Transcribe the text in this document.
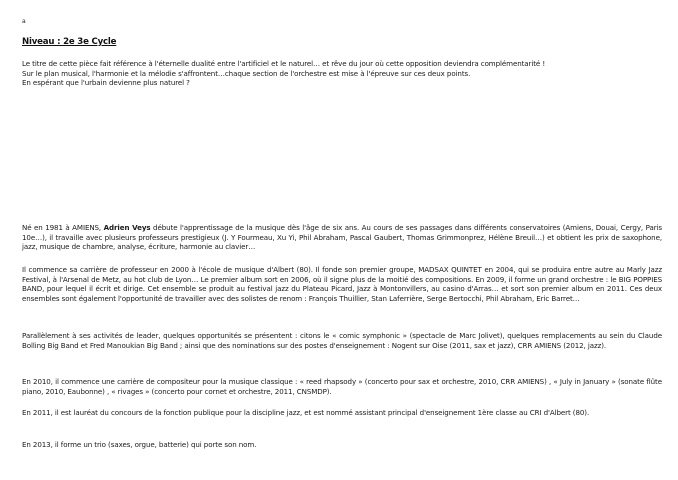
a
Niveau : 2e 3e Cycle

Le titre de cette pièce fait référence à l'éternelle dualité entre l'artificiel et le naturel… et rêve du jour où cette opposition deviendra complémentarité !

Sur le plan musical, l'harmonie et la mélodie s'affrontent…chaque section de l'orchestre est mise à l'épreuve sur ces deux points.

En espérant que l'urbain devienne plus naturel ?

Né en 1981 à AMIENS, Adrien Veys débute l'apprentissage de la musique dès l'âge de six ans. Au cours de ses passages dans différents conservatoires (Amiens, Douai, Cergy, Paris 10e…), il travaille avec plusieurs professeurs prestigieux (J. Y Fourmeau, Xu Yi, Phil Abraham, Pascal Gaubert, Thomas Grimmonprez, Hélène Breuil…) et obtient les prix de saxophone, jazz, musique de chambre, analyse, écriture, harmonie au clavier…

Il commence sa carrière de professeur en 2000 à l'école de musique d'Albert (80). Il fonde son premier groupe, MADSAX QUINTET en 2004, qui se produira entre autre au Marly Jazz Festival, à l'Arsenal de Metz, au hot club de Lyon… Le premier album sort en 2006, où il signe plus de la moitié des compositions. En 2009, il forme un grand orchestre : le BIG POPPIES BAND, pour lequel il écrit et dirige. Cet ensemble se produit au festival jazz du Plateau Picard, Jazz à Montonvillers, au casino d'Arras… et sort son premier album en 2011. Ces deux ensembles sont également l'opportunité de travailler avec des solistes de renom : François Thuillier, Stan Laferrière, Serge Bertocchi, Phil Abraham, Eric Barret…

Parallèlement à ses activités de leader, quelques opportunités se présentent : citons le « comic symphonic » (spectacle de Marc Jolivet), quelques remplacements au sein du Claude Bolling Big Band et Fred Manoukian Big Band ; ainsi que des nominations sur des postes d'enseignement : Nogent sur Oise (2011, sax et jazz), CRR AMIENS (2012, jazz).

En 2010, il commence une carrière de compositeur pour la musique classique : « reed rhapsody » (concerto pour sax et orchestre, 2010, CRR AMIENS) , « July in January » (sonate flûte piano, 2010, Eaubonne) , « rivages » (concerto pour cornet et orchestre, 2011, CNSMDP).

En 2011, il est lauréat du concours de la fonction publique pour la discipline jazz, et est nommé assistant principal d'enseignement 1ère classe au CRI d'Albert (80).

En 2013, il forme un trio (saxes, orgue, batterie) qui porte son nom.
